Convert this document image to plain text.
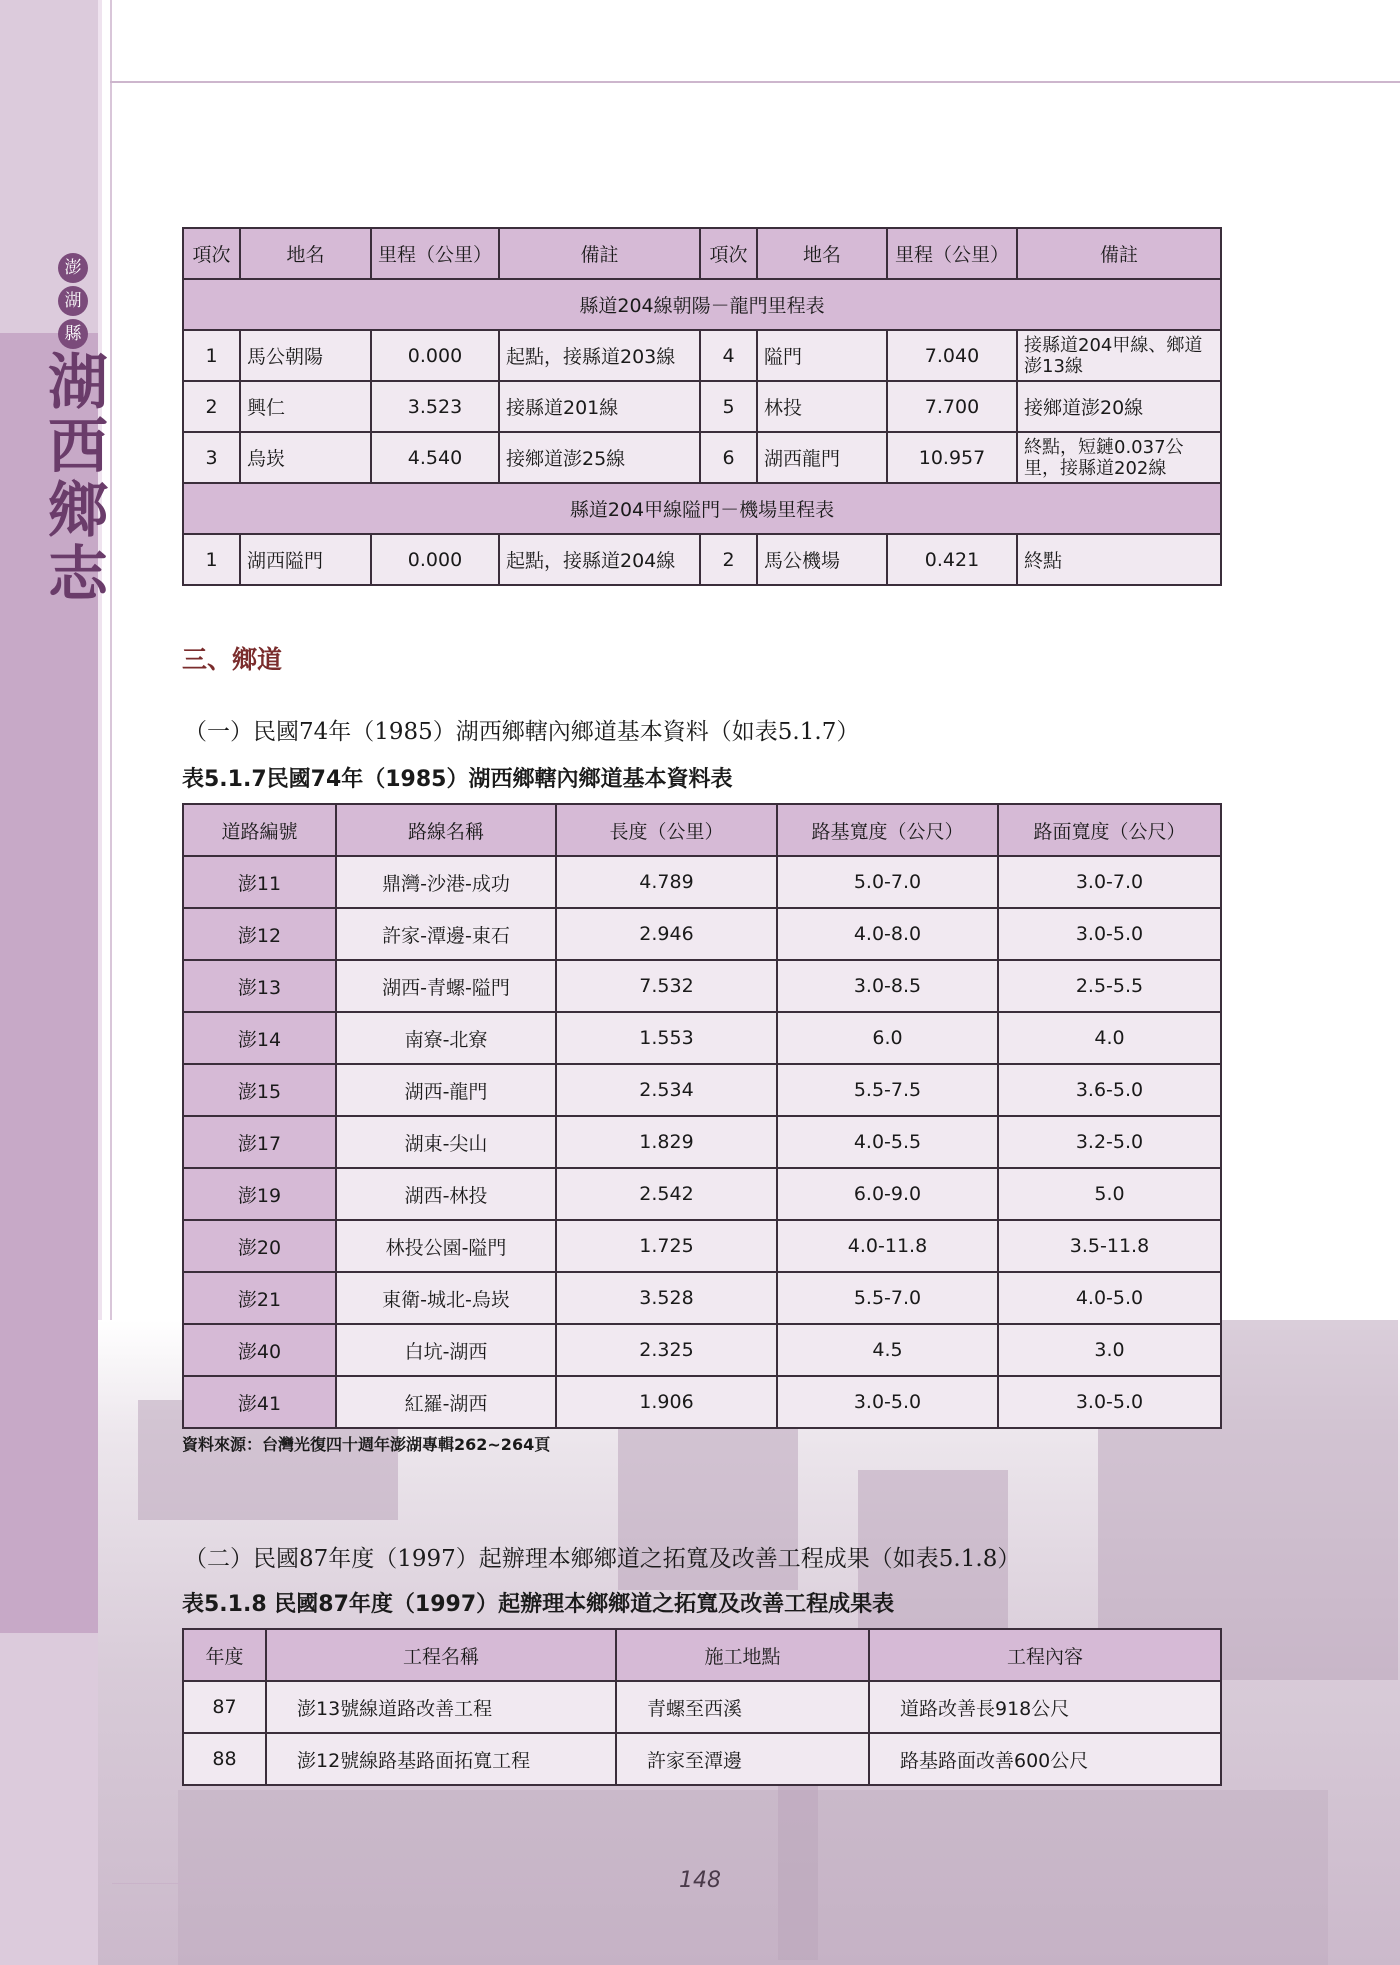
澎
湖
縣
湖西鄉志
項次	地名	里程（公里）	備註	項次	地名	里程（公里）	備註
縣道204線朝陽－龍門里程表							
1	馬公朝陽	0.000	起點，接縣道203線	4	隘門	7.040	接縣道204甲線、鄉道澎13線
2	興仁	3.523	接縣道201線	5	林投	7.700	接鄉道澎20線
3	烏崁	4.540	接鄉道澎25線	6	湖西龍門	10.957	終點，短鏈0.037公里，接縣道202線
縣道204甲線隘門－機場里程表							
1	湖西隘門	0.000	起點，接縣道204線	2	馬公機場	0.421	終點
三、鄉道
（一）民國74年（1985）湖西鄉轄內鄉道基本資料（如表5.1.7）
表5.1.7民國74年（1985）湖西鄉轄內鄉道基本資料表
道路編號	路線名稱	長度（公里）	路基寬度（公尺）	路面寬度（公尺）
澎11	鼎灣-沙港-成功	4.789	5.0-7.0	3.0-7.0
澎12	許家-潭邊-東石	2.946	4.0-8.0	3.0-5.0
澎13	湖西-青螺-隘門	7.532	3.0-8.5	2.5-5.5
澎14	南寮-北寮	1.553	6.0	4.0
澎15	湖西-龍門	2.534	5.5-7.5	3.6-5.0
澎17	湖東-尖山	1.829	4.0-5.5	3.2-5.0
澎19	湖西-林投	2.542	6.0-9.0	5.0
澎20	林投公園-隘門	1.725	4.0-11.8	3.5-11.8
澎21	東衛-城北-烏崁	3.528	5.5-7.0	4.0-5.0
澎40	白坑-湖西	2.325	4.5	3.0
澎41	紅羅-湖西	1.906	3.0-5.0	3.0-5.0
資料來源：台灣光復四十週年澎湖專輯262~264頁
（二）民國87年度（1997）起辦理本鄉鄉道之拓寬及改善工程成果（如表5.1.8）
表5.1.8 民國87年度（1997）起辦理本鄉鄉道之拓寬及改善工程成果表
年度	工程名稱	施工地點	工程內容
87	澎13號線道路改善工程	青螺至西溪	道路改善長918公尺
88	澎12號線路基路面拓寬工程	許家至潭邊	路基路面改善600公尺
148
